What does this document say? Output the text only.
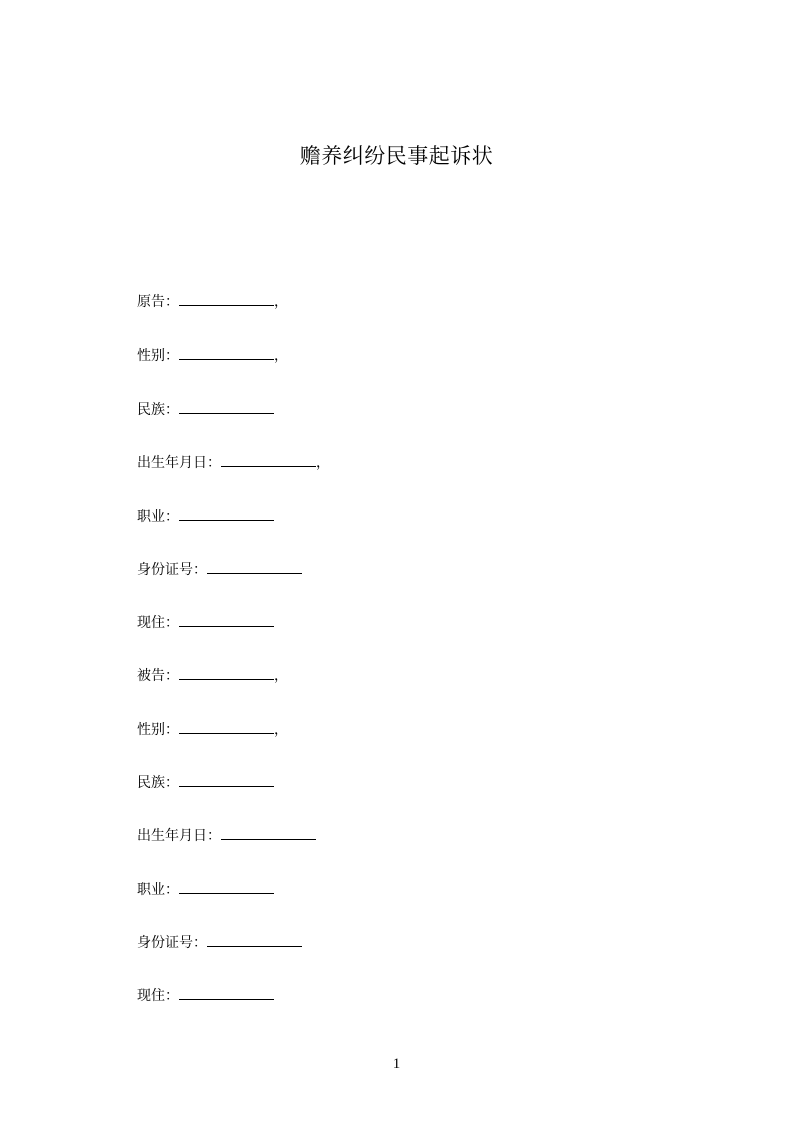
赡养纠纷民事起诉状
原告：	，
性别：	，
民族：
出生年月日：	，
职业：
身份证号：
现住：
被告：	，
性别：	，
民族：
出生年月日：
职业：
身份证号：
现住：
1
